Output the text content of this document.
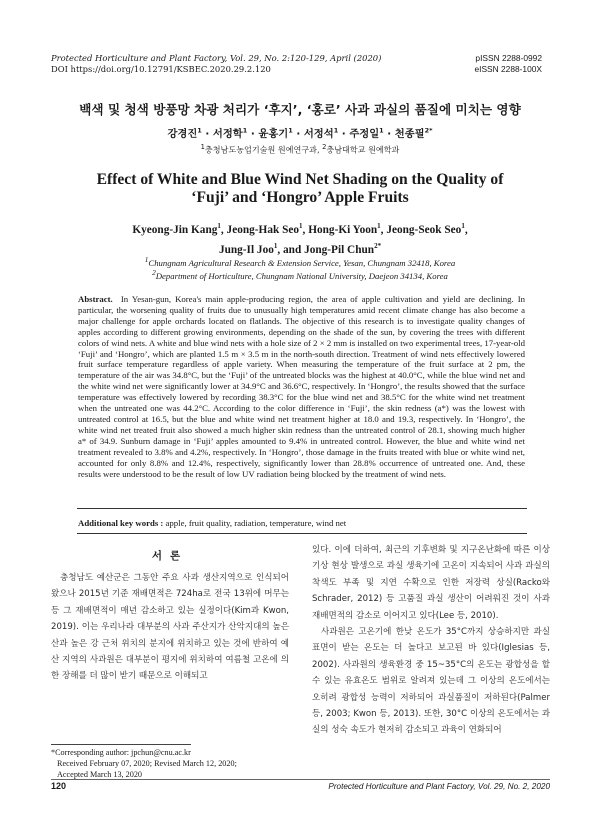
Protected Horticulture and Plant Factory, Vol. 29, No. 2:120-129, April (2020)
DOI https://doi.org/10.12791/KSBEC.2020.29.2.120
pISSN 2288-0992
eISSN 2288-100X
백색 및 청색 방풍망 차광 처리가 ‘후지’, ‘홍로’ 사과 과실의 품질에 미치는 영향
강경진$^1$ · 서정학$^1$ · 윤홍기$^1$ · 서정석$^1$ · 주정일$^1$ · 천종필$^{2*}$
$^1$충청남도농업기술원 원예연구과, $^2$충남대학교 원예학과
Effect of White and Blue Wind Net Shading on the Quality of
‘Fuji’ and ‘Hongro’ Apple Fruits
Kyeong-Jin Kang$^1$, Jeong-Hak Seo$^1$, Hong-Ki Yoon$^1$, Jeong-Seok Seo$^1$,
Jung-Il Joo$^1$, and Jong-Pil Chun$^{2*}$
$^1$Chungnam Agricultural Research & Extension Service, Yesan, Chungnam 32418, Korea
$^2$Department of Horticulture, Chungnam National University, Daejeon 34134, Korea
Abstract. In Yesan-gun, Korea's main apple-producing region, the area of apple cultivation and yield are declining. In particular, the worsening quality of fruits due to unusually high temperatures amid recent climate change has also become a major challenge for apple orchards located on flatlands. The objective of this research is to investigate quality changes of apples according to different growing environments, depending on the shade of the sun, by covering the trees with different colors of wind nets. A white and blue wind nets with a hole size of 2 × 2 mm is installed on two experimental trees, 17-year-old ‘Fuji’ and ‘Hongro’, which are planted 1.5 m × 3.5 m in the north-south direction. Treatment of wind nets effectively lowered fruit surface temperature regardless of apple variety. When measuring the temperature of the fruit surface at 2 pm, the temperature of the air was 34.8°C, but the ‘Fuji’ of the untreated blocks was the highest at 40.0°C, while the blue wind net and the white wind net were significantly lower at 34.9°C and 36.6°C, respectively. In ‘Hongro’, the results showed that the surface temperature was effectively lowered by recording 38.3°C for the blue wind net and 38.5°C for the white wind net treatment when the untreated one was 44.2°C. According to the color difference in ‘Fuji’, the skin redness (a*) was the lowest with untreated control at 16.5, but the blue and white wind net treatment higher at 18.0 and 19.3, respectively. In ‘Hongro’, the white wind net treated fruit also showed a much higher skin redness than the untreated control of 28.1, showing much higher a* of 34.9. Sunburn damage in ‘Fuji’ apples amounted to 9.4% in untreated control. However, the blue and white wind net treatment revealed to 3.8% and 4.2%, respectively. In ‘Hongro’, those damage in the fruits treated with blue or white wind net, accounted for only 8.8% and 12.4%, respectively, significantly lower than 28.8% occurrence of untreated one. And, these results were understood to be the result of low UV radiation being blocked by the treatment of wind nets.
Additional key words : apple, fruit quality, radiation, temperature, wind net
서론

충청남도 예산군은 그동안 주요 사과 생산지역으로 인식되어 왔으나 2015년 기준 재배면적은 724ha로 전국 13위에 머무는 등 그 재배면적이 매년 감소하고 있는 실정이다(Kim과 Kwon, 2019). 이는 우리나라 대부분의 사과 주산지가 산악지대의 높은 산과 높은 강 근처 위치의 분지에 위치하고 있는 것에 반하여 예산 지역의 사과원은 대부분이 평지에 위치하여 여름철 고온에 의한 장해를 더 많이 받기 때문으로 이해되고

있다. 이에 더하여, 최근의 기후변화 및 지구온난화에 따른 이상기상 현상 발생으로 과실 생육기에 고온이 지속되어 사과 과실의 착색도 부족 및 지연 수확으로 인한 저장력 상실(Racko와 Schrader, 2012) 등 고품질 과실 생산이 어려워진 것이 사과 재배면적의 감소로 이어지고 있다(Lee 등, 2010).

사과원은 고온기에 한낮 온도가 35°C까지 상승하지만 과실 표면이 받는 온도는 더 높다고 보고된 바 있다(Iglesias 등, 2002). 사과원의 생육환경 중 15~35°C의 온도는 광합성을 할 수 있는 유효온도 범위로 알려져 있는데 그 이상의 온도에서는 오히려 광합성 능력이 저하되어 과실품질이 저하된다(Palmer 등, 2003; Kwon 등, 2013). 또한, 30°C 이상의 온도에서는 과실의 성숙 속도가 현저히 감소되고 과육이 연화되어

*Corresponding author: jpchun@cnu.ac.kr
Received February 07, 2020; Revised March 12, 2020;
Accepted March 13, 2020
120	Protected Horticulture and Plant Factory, Vol. 29, No. 2, 2020
